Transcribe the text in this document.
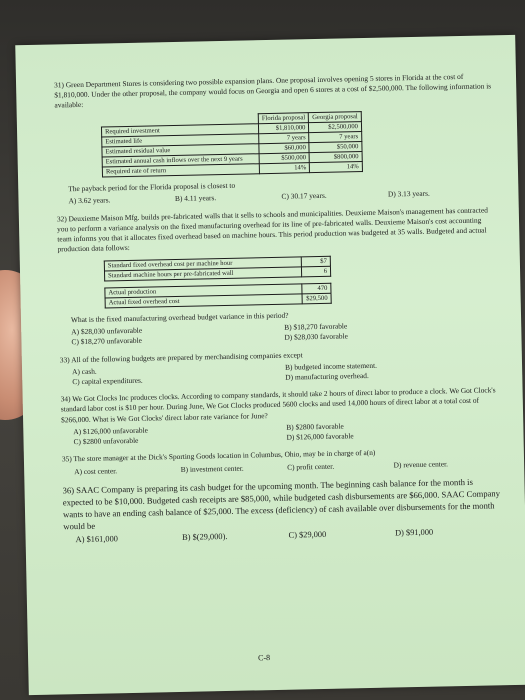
31) Green Department Stores is considering two possible expansion plans. One proposal involves opening 5 stores in Florida at the cost of $1,810,000. Under the other proposal, the company would focus on Georgia and open 6 stores at a cost of $2,500,000. The following information is available:

	Florida proposal	Georgia proposal
Required investment	$1,810,000	$2,500,000
Estimated life	7 years	7 years
Estimated residual value	$60,000	$50,000
Estimated annual cash inflows over the next 9 years	$500,000	$800,000
Required rate of return	14%	14%

The payback period for the Florida proposal is closest to

A) 3.62 years.	B) 4.11 years.	C) 30.17 years.	D) 3.13 years.

32) Deuxieme Maison Mfg. builds pre-fabricated walls that it sells to schools and municipalities. Deuxieme Maison's management has contracted you to perform a variance analysis on the fixed manufacturing overhead for its line of pre-fabricated walls. Deuxieme Maison's cost accounting team informs you that it allocates fixed overhead based on machine hours. This period production was budgeted at 35 walls. Budgeted and actual production data follows:

Standard fixed overhead cost per machine hour	$7
Standard machine hours per pre-fabricated wall	6
Actual production	470
Actual fixed overhead cost	$29,500

What is the fixed manufacturing overhead budget variance in this period?

A) $28,030 unfavorable	B) $18,270 favorable
C) $18,270 unfavorable	D) $28,030 favorable

33) All of the following budgets are prepared by merchandising companies except

A) cash.	B) budgeted income statement.
C) capital expenditures.	D) manufacturing overhead.

34) We Got Clocks Inc produces clocks. According to company standards, it should take 2 hours of direct labor to produce a clock. We Got Clock's standard labor cost is $10 per hour. During June, We Got Clocks produced 5600 clocks and used 14,000 hours of direct labor at a total cost of $266,000. What is We Got Clocks' direct labor rate variance for June?

A) $126,000 unfavorable	B) $2800 favorable
C) $2800 unfavorable	D) $126,000 favorable

35) The store manager at the Dick's Sporting Goods location in Columbus, Ohio, may be in charge of a(n)

A) cost center.	B) investment center.	C) profit center.	D) revenue center.

36) SAAC Company is preparing its cash budget for the upcoming month. The beginning cash balance for the month is expected to be $10,000. Budgeted cash receipts are $85,000, while budgeted cash disbursements are $66,000. SAAC Company wants to have an ending cash balance of $25,000. The excess (deficiency) of cash available over disbursements for the month would be

A) $161,000	B) $(29,000).	C) $29,000	D) $91,000
C-8
